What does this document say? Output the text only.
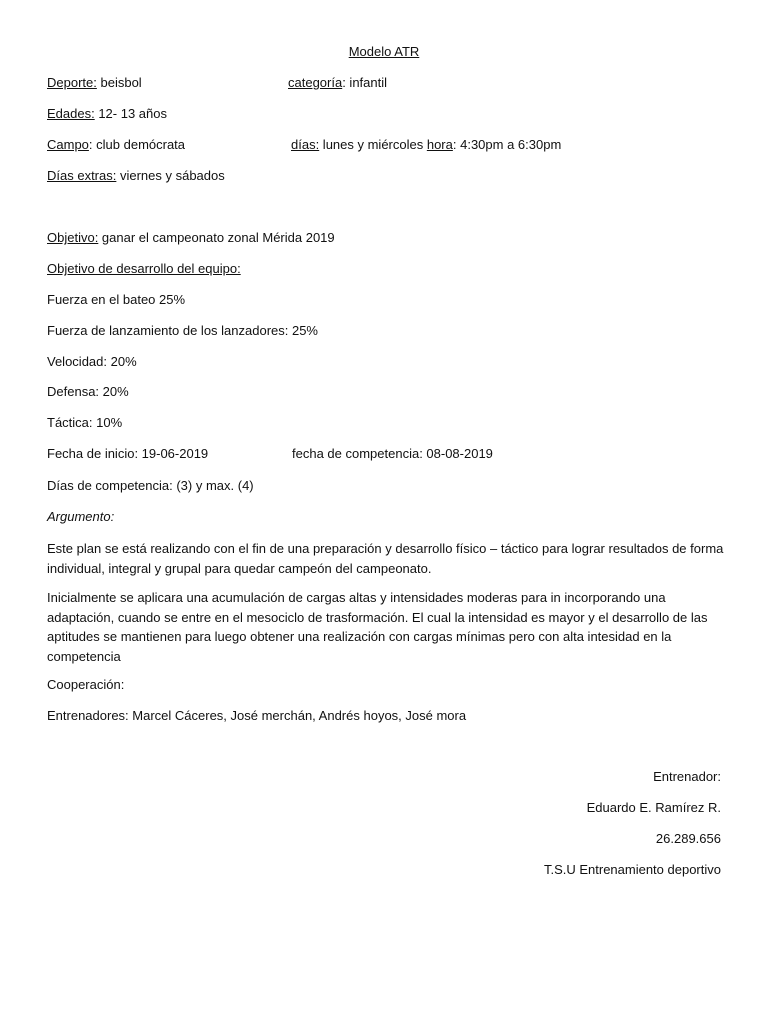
Modelo ATR
Deporte: beisbol	categoría: infantil
Edades: 12- 13 años
Campo: club demócrata	días: lunes y miércoles hora: 4:30pm a 6:30pm
Días extras: viernes y sábados
Objetivo: ganar el campeonato zonal Mérida 2019
Objetivo de desarrollo del equipo:
Fuerza en el bateo 25%
Fuerza de lanzamiento de los lanzadores: 25%
Velocidad: 20%
Defensa: 20%
Táctica: 10%
Fecha de inicio: 19-06-2019	fecha de competencia: 08-08-2019
Días de competencia: (3) y max. (4)
Argumento:
Este plan se está realizando con el fin de una preparación y desarrollo físico – táctico para lograr resultados de forma individual, integral y grupal para quedar campeón del campeonato.
Inicialmente se aplicara una acumulación de cargas altas y intensidades moderas para in incorporando una adaptación, cuando se entre en el mesociclo de trasformación. El cual la intensidad es mayor y el desarrollo de las aptitudes se mantienen para luego obtener una realización con cargas mínimas pero con alta intesidad en la competencia
Cooperación:
Entrenadores: Marcel Cáceres, José merchán, Andrés hoyos, José mora
Entrenador:
Eduardo E. Ramírez R.
26.289.656
T.S.U Entrenamiento deportivo
